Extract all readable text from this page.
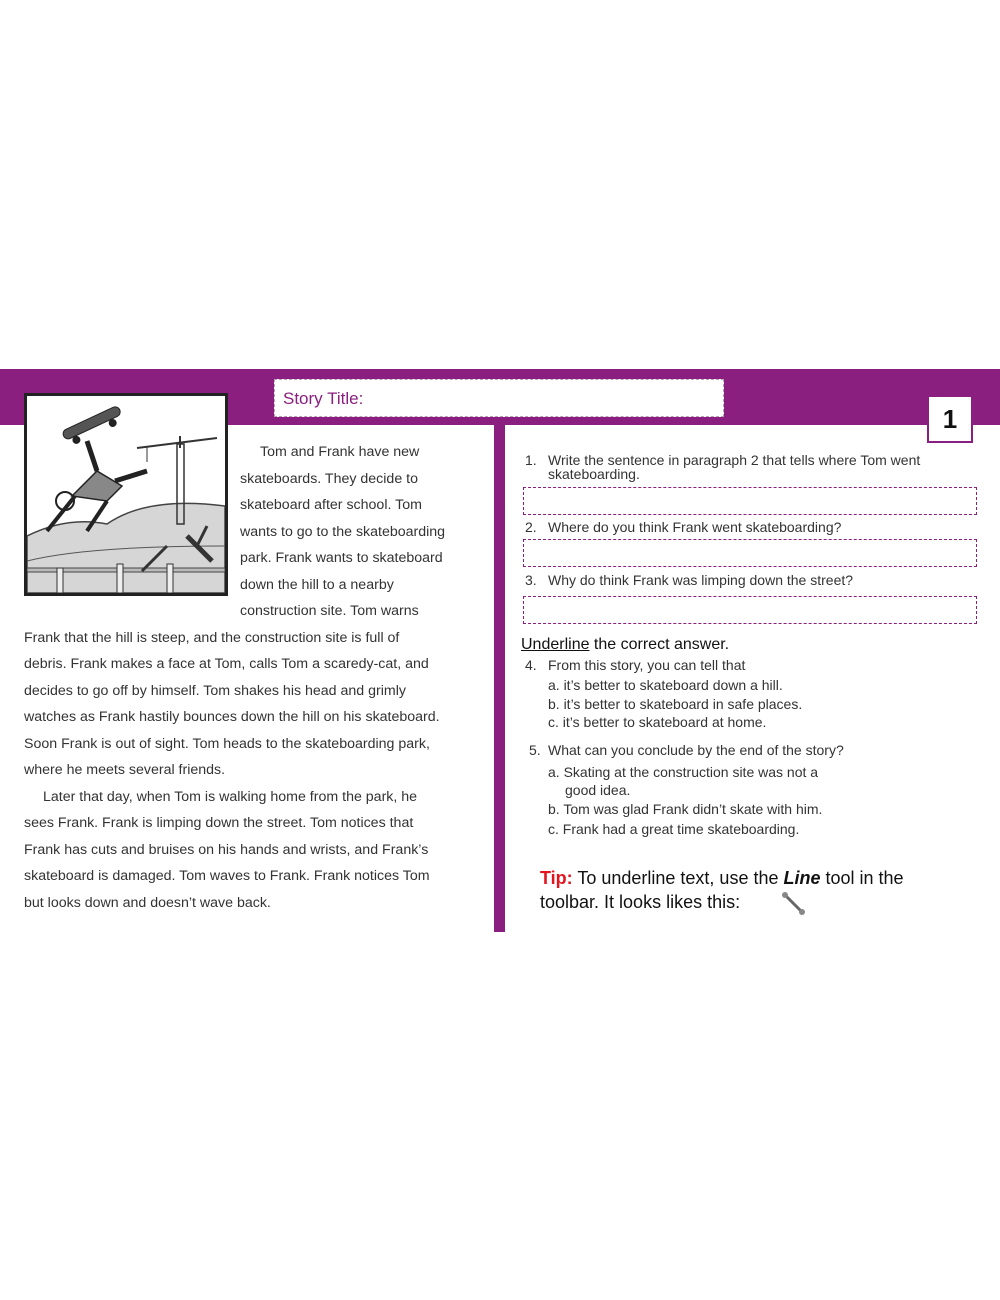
Story Title:
1
Tom and Frank have new
skateboards. They decide to
skateboard after school. Tom
wants to go to the skateboarding
park. Frank wants to skateboard
down the hill to a nearby
construction site. Tom warns
Frank that the hill is steep, and the construction site is full of
debris. Frank makes a face at Tom, calls Tom a scaredy-cat, and
decides to go off by himself. Tom shakes his head and grimly
watches as Frank hastily bounces down the hill on his skateboard.
Soon Frank is out of sight. Tom heads to the skateboarding park,
where he meets several friends.
Later that day, when Tom is walking home from the park, he
sees Frank. Frank is limping down the street. Tom notices that
Frank has cuts and bruises on his hands and wrists, and Frank’s
skateboard is damaged. Tom waves to Frank. Frank notices Tom
but looks down and doesn’t wave back.
1. Write the sentence in paragraph 2 that tells where Tom went
skateboarding.
2. Where do you think Frank went skateboarding?
3. Why do think Frank was limping down the street?
Underline the correct answer.
4. From this story, you can tell that
a. it’s better to skateboard down a hill.
b. it’s better to skateboard in safe places.
c. it’s better to skateboard at home.
5. What can you conclude by the end of the story?
a. Skating at the construction site was not a
good idea.
b. Tom was glad Frank didn’t skate with him.
c. Frank had a great time skateboarding.
Tip: To underline text, use the Line tool in the
toolbar. It looks likes this:
